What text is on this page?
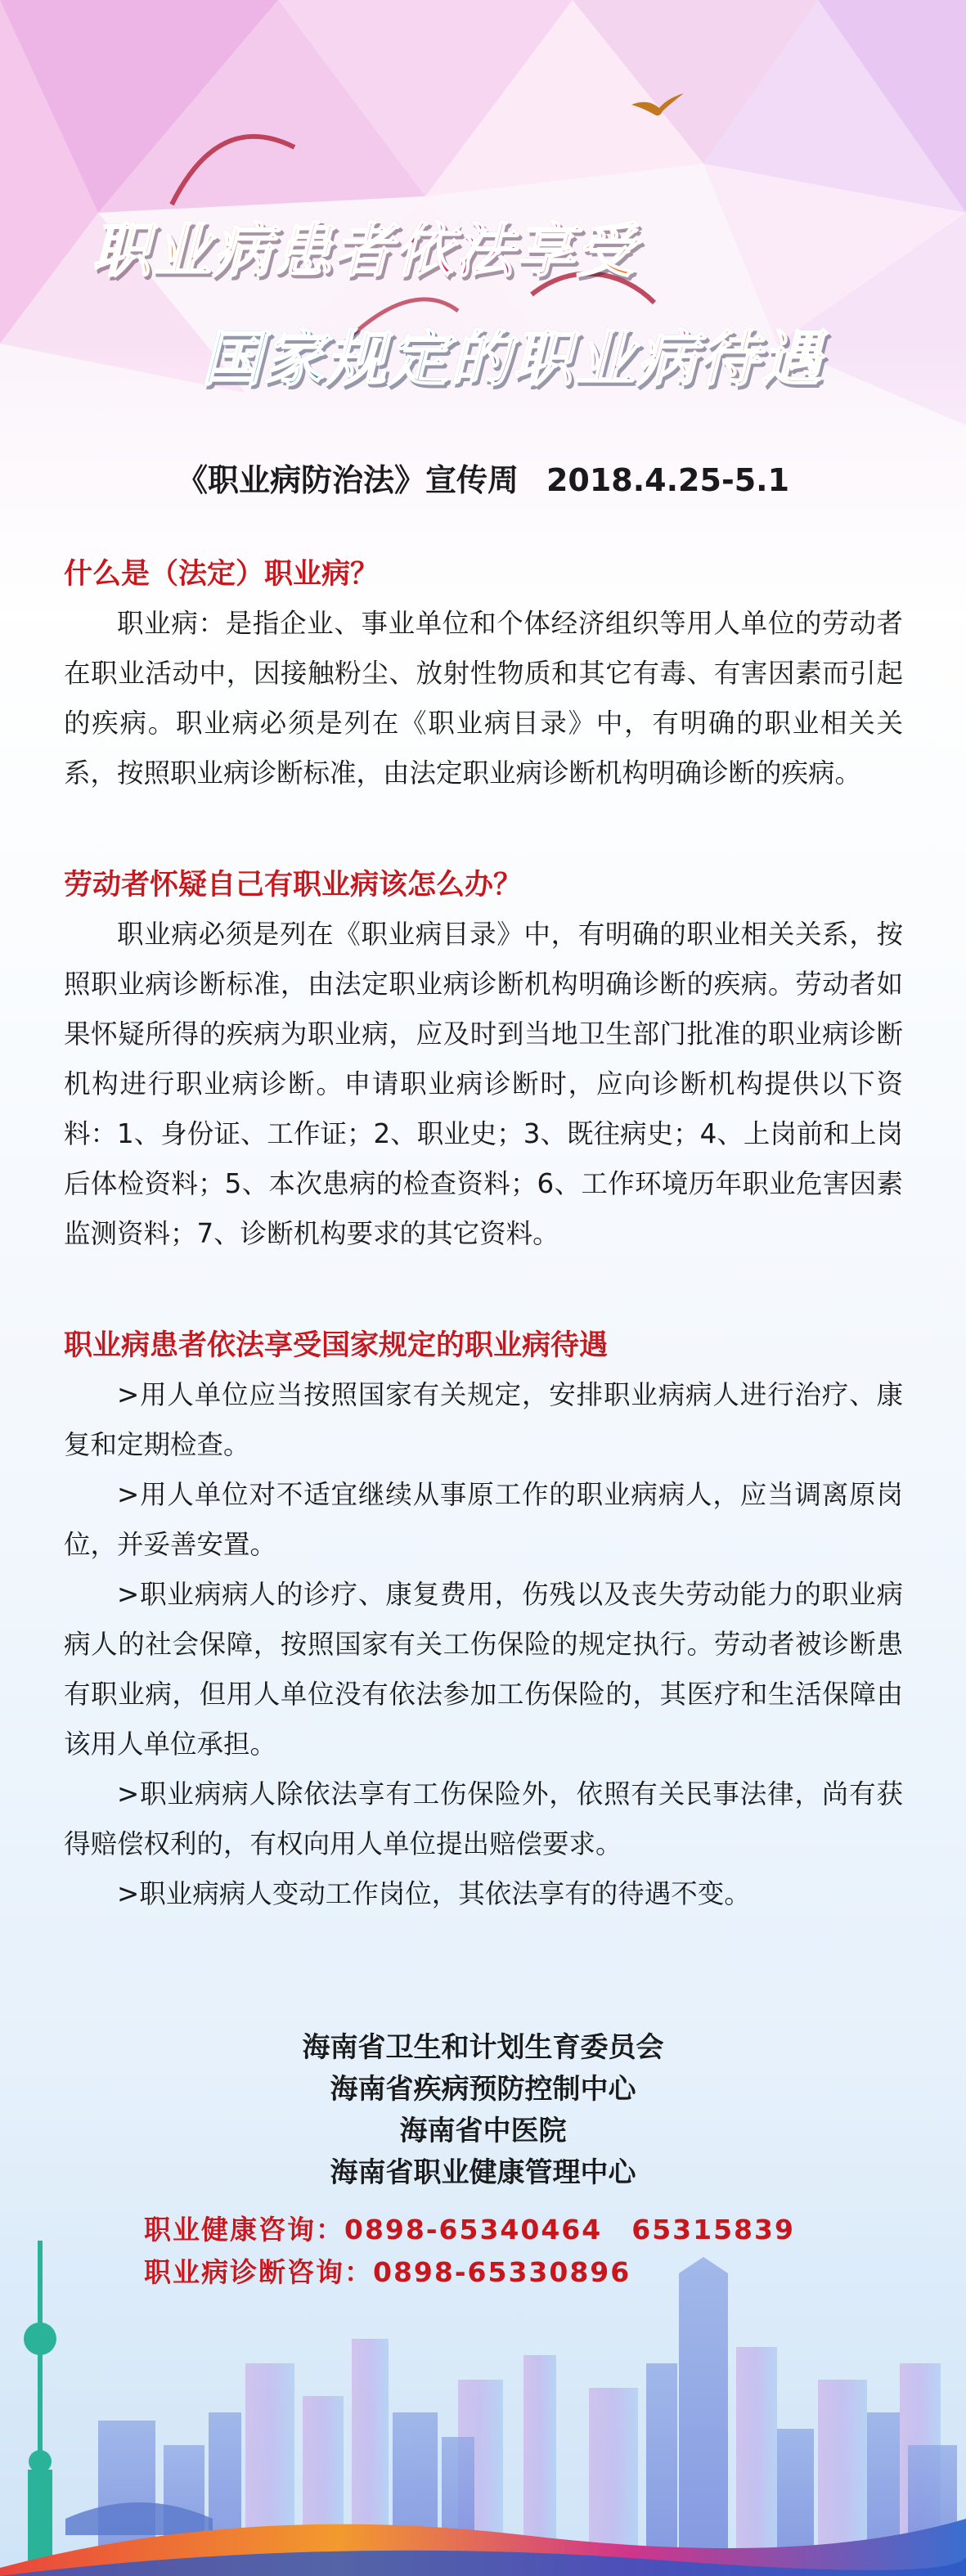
职业病患者依法享受
国家规定的职业病待遇
《职业病防治法》宣传周 2018.4.25-5.1

什么是（法定）职业病？

职业病：是指企业、事业单位和个体经济组织等用人单位的劳动者在职业活动中，因接触粉尘、放射性物质和其它有毒、有害因素而引起的疾病。职业病必须是列在《职业病目录》中，有明确的职业相关关系，按照职业病诊断标准，由法定职业病诊断机构明确诊断的疾病。

劳动者怀疑自己有职业病该怎么办？

职业病必须是列在《职业病目录》中，有明确的职业相关关系，按照职业病诊断标准，由法定职业病诊断机构明确诊断的疾病。劳动者如果怀疑所得的疾病为职业病，应及时到当地卫生部门批准的职业病诊断机构进行职业病诊断。申请职业病诊断时，应向诊断机构提供以下资料：1、身份证、工作证；2、职业史；3、既往病史；4、上岗前和上岗后体检资料；5、本次患病的检查资料；6、工作环境历年职业危害因素监测资料；7、诊断机构要求的其它资料。

职业病患者依法享受国家规定的职业病待遇

>用人单位应当按照国家有关规定，安排职业病病人进行治疗、康复和定期检查。

>用人单位对不适宜继续从事原工作的职业病病人，应当调离原岗位，并妥善安置。

>职业病病人的诊疗、康复费用，伤残以及丧失劳动能力的职业病病人的社会保障，按照国家有关工伤保险的规定执行。劳动者被诊断患有职业病，但用人单位没有依法参加工伤保险的，其医疗和生活保障由该用人单位承担。

>职业病病人除依法享有工伤保险外，依照有关民事法律，尚有获得赔偿权利的，有权向用人单位提出赔偿要求。

>职业病病人变动工作岗位，其依法享有的待遇不变。

海南省卫生和计划生育委员会

海南省疾病预防控制中心

海南省中医院

海南省职业健康管理中心

职业健康咨询：0898-65340464 65315839

职业病诊断咨询：0898-65330896
